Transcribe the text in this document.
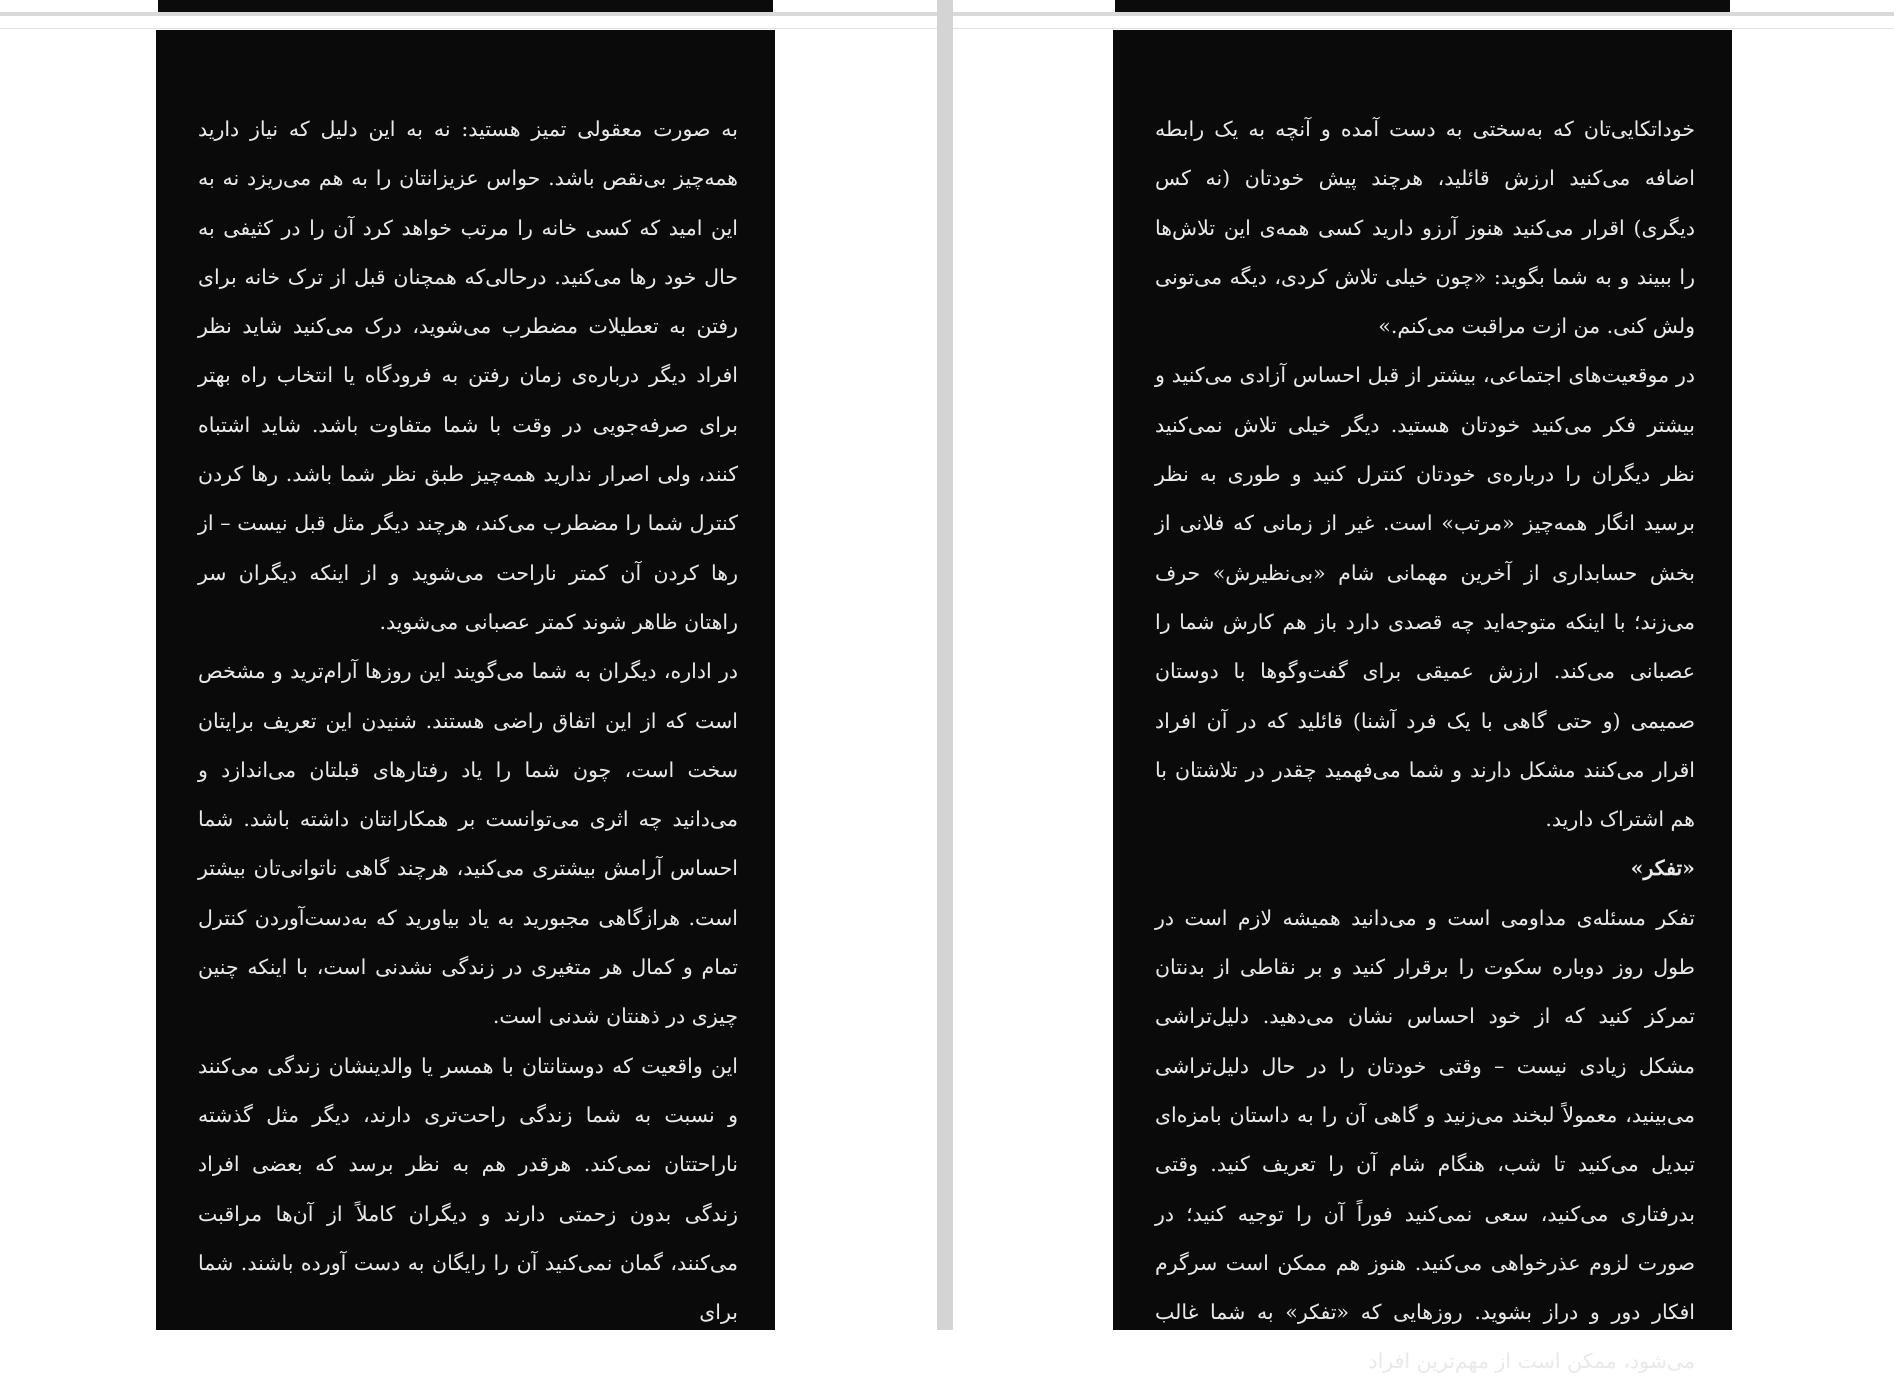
به صورت معقولی تمیز هستید: نه به این دلیل که نیاز دارید همه‌چیز بی‌نقص باشد. حواس عزیزانتان را به هم می‌ریزد نه به این امید که کسی خانه را مرتب خواهد کرد آن را در کثیفی به حال خود رها می‌کنید. درحالی‌که همچنان قبل از ترک خانه برای رفتن به تعطیلات مضطرب می‌شوید، درک می‌کنید شاید نظر افراد دیگر درباره‌ی زمان رفتن به فرودگاه یا انتخاب راه بهتر برای صرفه‌جویی در وقت با شما متفاوت باشد. شاید اشتباه کنند، ولی اصرار ندارید همه‌چیز طبق نظر شما باشد. رها کردن کنترل شما را مضطرب می‌کند، هرچند دیگر مثل قبل نیست – از رها کردن آن کمتر ناراحت می‌شوید و از اینکه دیگران سر راهتان ظاهر شوند کمتر عصبانی می‌شوید.

در اداره، دیگران به شما می‌گویند این روزها آرام‌ترید و مشخص است که از این اتفاق راضی هستند. شنیدن این تعریف برایتان سخت است، چون شما را یاد رفتارهای قبلتان می‌اندازد و می‌دانید چه اثری می‌توانست بر همکارانتان داشته باشد. شما احساس آرامش بیشتری می‌کنید، هرچند گاهی ناتوانی‌تان بیشتر است. هرازگاهی مجبورید به یاد بیاورید که به‌دست‌آوردن کنترل تمام و کمال هر متغیری در زندگی نشدنی است، با اینکه چنین چیزی در ذهنتان شدنی است.

این واقعیت که دوستانتان با همسر یا والدینشان زندگی می‌کنند و نسبت به شما زندگی راحت‌تری دارند، دیگر مثل گذشته ناراحتتان نمی‌کند. هرقدر هم به نظر برسد که بعضی افراد زندگی بدون زحمتی دارند و دیگران کاملاً از آن‌ها مراقبت می‌کنند، گمان نمی‌کنید آن را رایگان به دست آورده باشند. شما برای

خوداتکایی‌تان که به‌سختی به دست آمده و آنچه به یک رابطه اضافه می‌کنید ارزش قائلید، هرچند پیش خودتان (نه کس دیگری) اقرار می‌کنید هنوز آرزو دارید کسی همه‌ی این تلاش‌ها را ببیند و به شما بگوید: «چون خیلی تلاش کردی، دیگه می‌تونی ولش کنی. من ازت مراقبت می‌کنم.»

در موقعیت‌های اجتماعی، بیشتر از قبل احساس آزادی می‌کنید و بیشتر فکر می‌کنید خودتان هستید. دیگر خیلی تلاش نمی‌کنید نظر دیگران را درباره‌ی خودتان کنترل کنید و طوری به نظر برسید انگار همه‌چیز «مرتب» است. غیر از زمانی که فلانی از بخش حسابداری از آخرین مهمانی شام «بی‌نظیرش» حرف می‌زند؛ با اینکه متوجه‌اید چه قصدی دارد باز هم کارش شما را عصبانی می‌کند. ارزش عمیقی برای گفت‌وگوها با دوستان صمیمی (و حتی گاهی با یک فرد آشنا) قائلید که در آن افراد اقرار می‌کنند مشکل دارند و شما می‌فهمید چقدر در تلاشتان با هم اشتراک دارید.

«تفکر»

تفکر مسئله‌ی مداومی است و می‌دانید همیشه لازم است در طول روز دوباره سکوت را برقرار کنید و بر نقاطی از بدنتان تمرکز کنید که از خود احساس نشان می‌دهید. دلیل‌تراشی مشکل زیادی نیست – وقتی خودتان را در حال دلیل‌تراشی می‌بینید، معمولاً لبخند می‌زنید و گاهی آن را به داستان بامزه‌ای تبدیل می‌کنید تا شب، هنگام شام آن را تعریف کنید. وقتی بدرفتاری می‌کنید، سعی نمی‌کنید فوراً آن را توجیه کنید؛ در صورت لزوم عذرخواهی می‌کنید. هنوز هم ممکن است سرگرم افکار دور و دراز بشوید. روزهایی که «تفکر» به شما غالب می‌شود، ممکن است از مهم‌ترین افراد
